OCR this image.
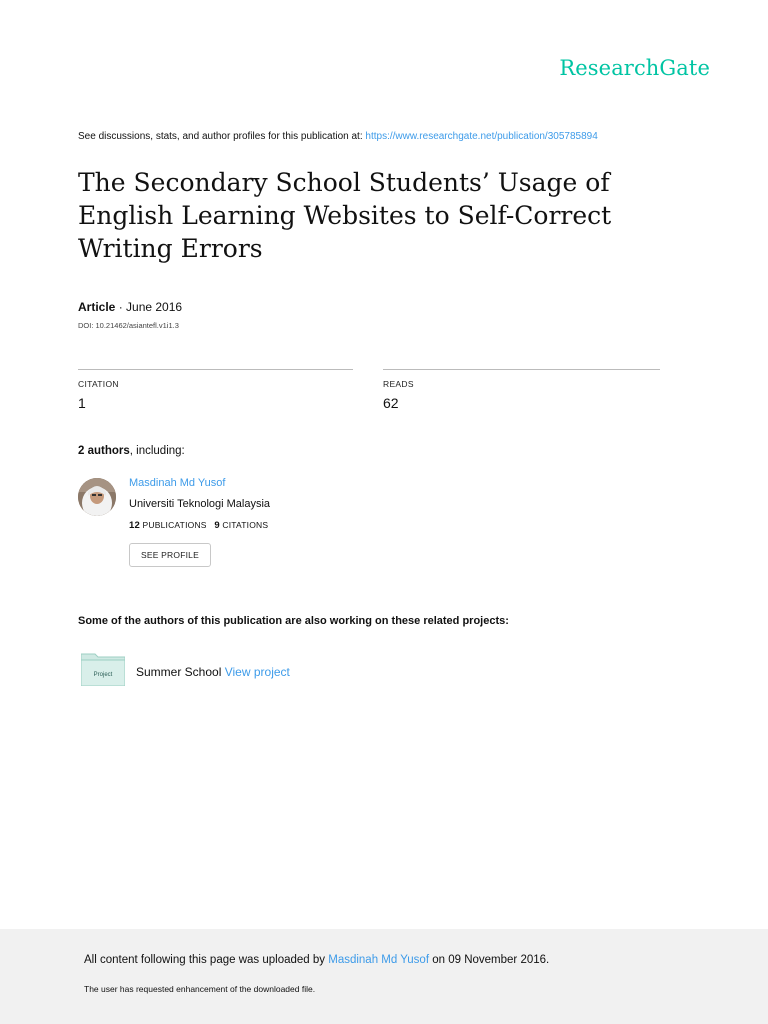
ResearchGate
See discussions, stats, and author profiles for this publication at: https://www.researchgate.net/publication/305785894
The Secondary School Students’ Usage of English Learning Websites to Self-Correct Writing Errors
Article · June 2016
DOI: 10.21462/asiantefl.v1i1.3
CITATION
1
READS
62
2 authors, including:
Masdinah Md Yusof
Universiti Teknologi Malaysia
12 PUBLICATIONS 9 CITATIONS
SEE PROFILE
Some of the authors of this publication are also working on these related projects:
Project Summer School View project
All content following this page was uploaded by Masdinah Md Yusof on 09 November 2016.
The user has requested enhancement of the downloaded file.
